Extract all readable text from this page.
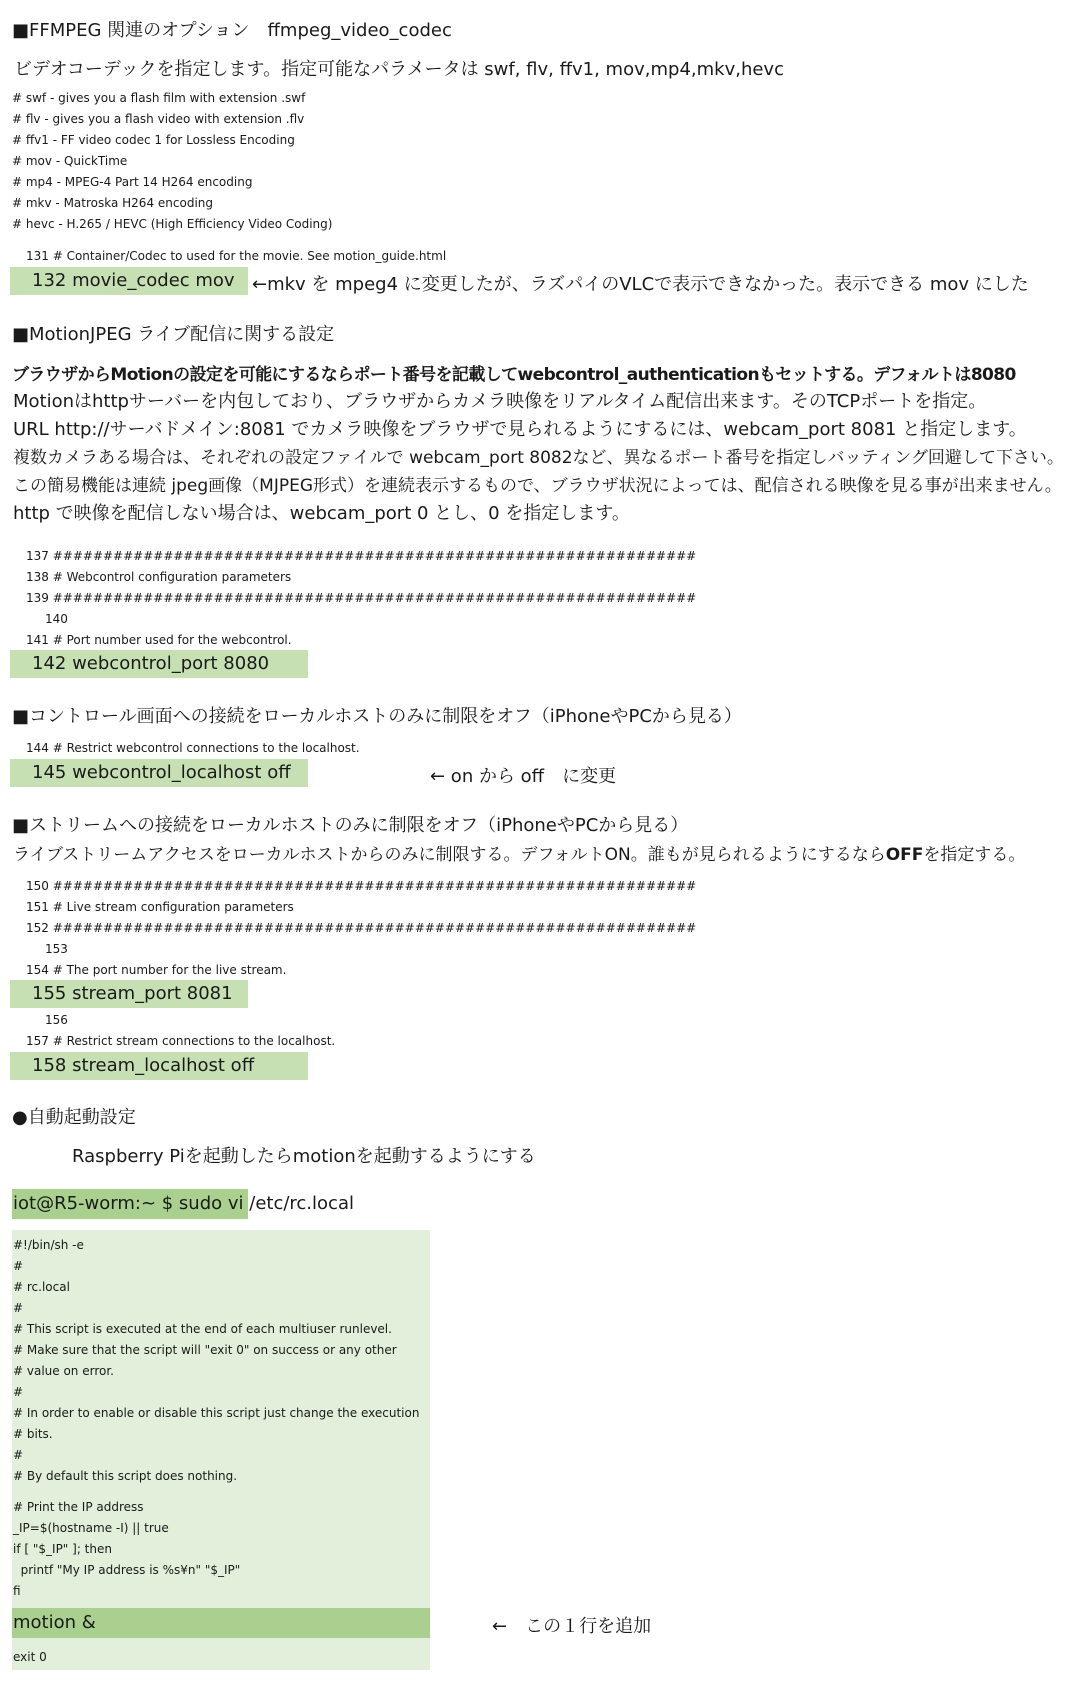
■FFMPEG 関連のオプション　ffmpeg_video_codec
ビデオコーデックを指定します。指定可能なパラメータは swf, flv, ffv1, mov,mp4,mkv,hevc
# swf - gives you a flash film with extension .swf
# flv - gives you a flash video with extension .flv
# ffv1 - FF video codec 1 for Lossless Encoding
# mov - QuickTime
# mp4 - MPEG-4 Part 14 H264 encoding
# mkv - Matroska H264 encoding
# hevc - H.265 / HEVC (High Efficiency Video Coding)
131 # Container/Codec to used for the movie. See motion_guide.html
132 movie_codec mov ←mkv を mpeg4 に変更したが、ラズパイのVLCで表示できなかった。表示できる mov にした
■MotionJPEG ライブ配信に関する設定
ブラウザからMotionの設定を可能にするならポート番号を記載してwebcontrol_authenticationもセットする。デフォルトは8080
Motionはhttpサーバーを内包しており、ブラウザからカメラ映像をリアルタイム配信出来ます。そのTCPポートを指定。
URL http://サーバドメイン:8081 でカメラ映像をブラウザで見られるようにするには、webcam_port 8081 と指定します。
複数カメラある場合は、それぞれの設定ファイルで webcam_port 8082など、異なるポート番号を指定しバッティング回避して下さい。
この簡易機能は連続 jpeg画像（MJPEG形式）を連続表示するもので、ブラウザ状況によっては、配信される映像を見る事が出来ません。
http で映像を配信しない場合は、webcam_port 0 とし、0 を指定します。
137 ################################################################
138 # Webcontrol configuration parameters
139 ################################################################
140
141 # Port number used for the webcontrol.
142 webcontrol_port 8080
■コントロール画面への接続をローカルホストのみに制限をオフ（iPhoneやPCから見る）
144 # Restrict webcontrol connections to the localhost.
145 webcontrol_localhost off	← on から off　に変更
■ストリームへの接続をローカルホストのみに制限をオフ（iPhoneやPCから見る）
ライブストリームアクセスをローカルホストからのみに制限する。デフォルトON。誰もが見られるようにするならOFFを指定する。
150 ################################################################
151 # Live stream configuration parameters
152 ################################################################
153
154 # The port number for the live stream.
155 stream_port 8081
156
157 # Restrict stream connections to the localhost.
158 stream_localhost off
●自動起動設定
Raspberry Piを起動したらmotionを起動するようにする
iot@R5-worm:~ $ sudo vi /etc/rc.local
#!/bin/sh -e
#
# rc.local
#
# This script is executed at the end of each multiuser runlevel.
# Make sure that the script will "exit 0" on success or any other
# value on error.
#
# In order to enable or disable this script just change the execution
# bits.
#
# By default this script does nothing.
# Print the IP address
_IP=$(hostname -I) || true
if [ "$_IP" ]; then
printf "My IP address is %s¥n" "$_IP"
fi
motion &
exit 0
←　この１行を追加
